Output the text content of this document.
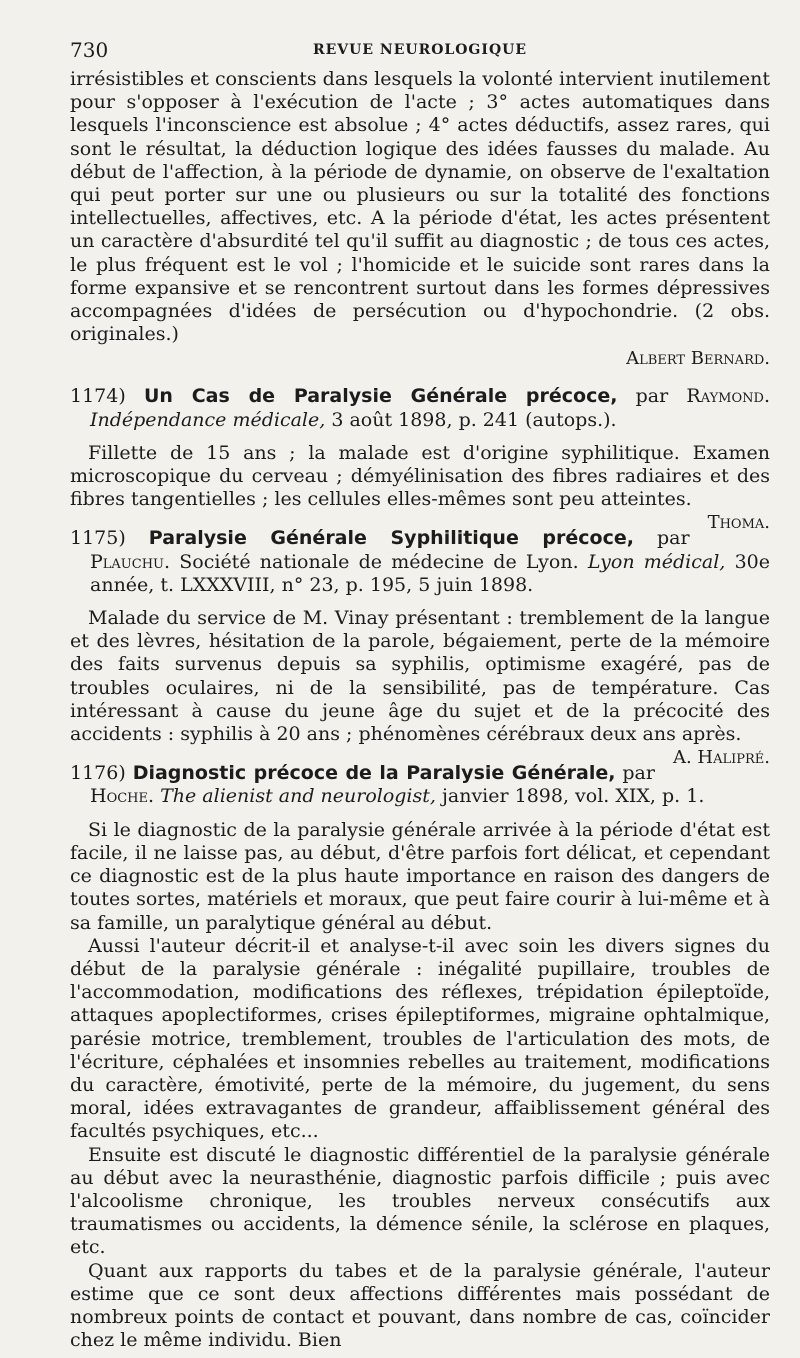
730	REVUE NEUROLOGIQUE

irrésistibles et conscients dans lesquels la volonté intervient inutilement pour s'opposer à l'exécution de l'acte ; 3° actes automatiques dans lesquels l'inconscience est absolue ; 4° actes déductifs, assez rares, qui sont le résultat, la déduction logique des idées fausses du malade. Au début de l'affection, à la période de dynamie, on observe de l'exaltation qui peut porter sur une ou plusieurs ou sur la totalité des fonctions intellectuelles, affectives, etc. A la période d'état, les actes présentent un caractère d'absurdité tel qu'il suffit au diagnostic ; de tous ces actes, le plus fréquent est le vol ; l'homicide et le suicide sont rares dans la forme expansive et se rencontrent surtout dans les formes dépressives accompagnées d'idées de persécution ou d'hypochondrie. (2 obs. originales.)

Albert Bernard.
1174) Un Cas de Paralysie Générale précoce, par Raymond. Indépendance médicale, 3 août 1898, p. 241 (autops.).

Fillette de 15 ans ; la malade est d'origine syphilitique. Examen microscopique du cerveau ; démyélinisation des fibres radiaires et des fibres tangentielles ; les cellules elles-mêmes sont peu atteintes.
Thoma.

1175) Paralysie Générale Syphilitique précoce, par Plauchu. Société nationale de médecine de Lyon. Lyon médical, 30e année, t. LXXXVIII, n° 23, p. 195, 5 juin 1898.

Malade du service de M. Vinay présentant : tremblement de la langue et des lèvres, hésitation de la parole, bégaiement, perte de la mémoire des faits survenus depuis sa syphilis, optimisme exagéré, pas de troubles oculaires, ni de la sensibilité, pas de température. Cas intéressant à cause du jeune âge du sujet et de la précocité des accidents : syphilis à 20 ans ; phénomènes cérébraux deux ans après.
A. Halipré.

1176) Diagnostic précoce de la Paralysie Générale, par Hoche. The alienist and neurologist, janvier 1898, vol. XIX, p. 1.

Si le diagnostic de la paralysie générale arrivée à la période d'état est facile, il ne laisse pas, au début, d'être parfois fort délicat, et cependant ce diagnostic est de la plus haute importance en raison des dangers de toutes sortes, matériels et moraux, que peut faire courir à lui-même et à sa famille, un paralytique général au début.

Aussi l'auteur décrit-il et analyse-t-il avec soin les divers signes du début de la paralysie générale : inégalité pupillaire, troubles de l'accommodation, modifications des réflexes, trépidation épileptoïde, attaques apoplectiformes, crises épileptiformes, migraine ophtalmique, parésie motrice, tremblement, troubles de l'articulation des mots, de l'écriture, céphalées et insomnies rebelles au traitement, modifications du caractère, émotivité, perte de la mémoire, du jugement, du sens moral, idées extravagantes de grandeur, affaiblissement général des facultés psychiques, etc...

Ensuite est discuté le diagnostic différentiel de la paralysie générale au début avec la neurasthénie, diagnostic parfois difficile ; puis avec l'alcoolisme chronique, les troubles nerveux consécutifs aux traumatismes ou accidents, la démence sénile, la sclérose en plaques, etc.

Quant aux rapports du tabes et de la paralysie générale, l'auteur estime que ce sont deux affections différentes mais possédant de nombreux points de contact et pouvant, dans nombre de cas, coïncider chez le même individu. Bien
